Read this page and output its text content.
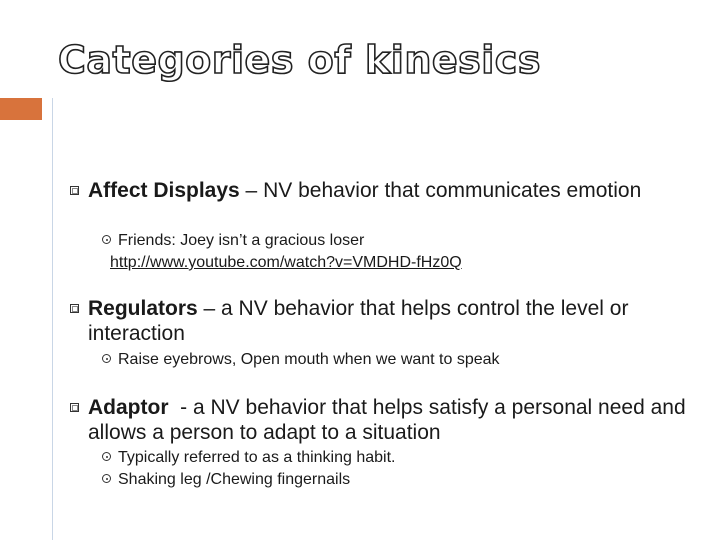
Categories of kinesics
Affect Displays – NV behavior that communicates emotion
Friends: Joey isn’t a gracious loser
http://www.youtube.com/watch?v=VMDHD-fHz0Q
Regulators – a NV behavior that helps control the level or interaction
Raise eyebrows, Open mouth when we want to speak
Adaptor  - a NV behavior that helps satisfy a personal need and allows a person to adapt to a situation
Typically referred to as a thinking habit.
Shaking leg /Chewing fingernails
